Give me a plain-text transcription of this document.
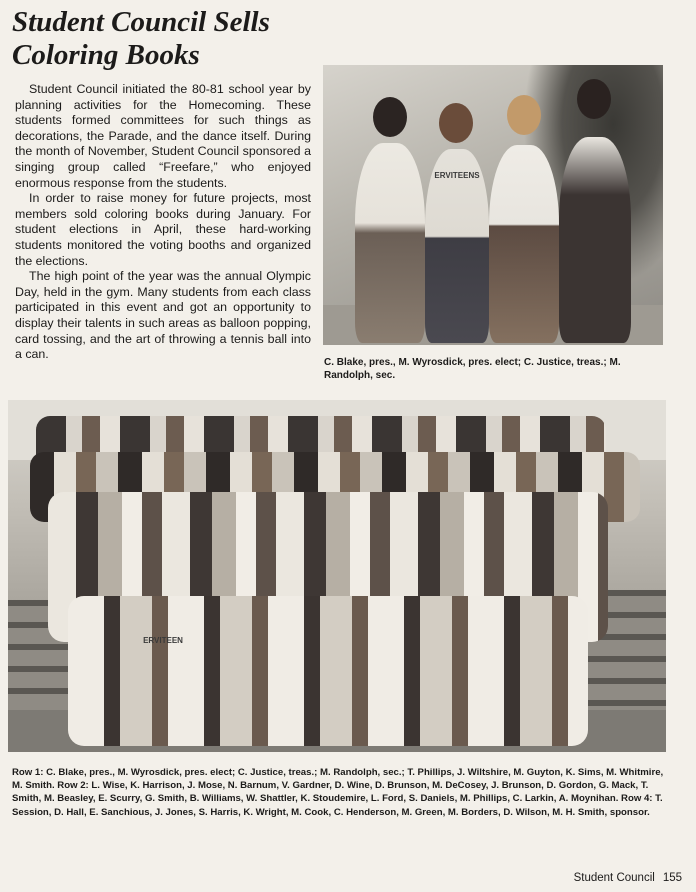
Student Council Sells Coloring Books

Student Council initiated the 80-81 school year by planning activities for the Homecoming. These students formed committees for such things as decorations, the Parade, and the dance itself. During the month of November, Student Council sponsored a singing group called “Freefare,” who enjoyed enormous response from the students.

In order to raise money for future projects, most members sold coloring books during January. For student elections in April, these hard-working students monitored the voting booths and organized the elections.

The high point of the year was the annual Olympic Day, held in the gym. Many students from each class participated in this event and got an opportunity to display their talents in such areas as balloon popping, card tossing, and the art of throwing a tennis ball into a can.

ERVITEENS

C. Blake, pres., M. Wyrosdick, pres. elect; C. Justice, treas.; M. Randolph, sec.

ERVITEEN

Row 1: C. Blake, pres., M. Wyrosdick, pres. elect; C. Justice, treas.; M. Randolph, sec.; T. Phillips, J. Wiltshire, M. Guyton, K. Sims, M. Whitmire, M. Smith. Row 2: L. Wise, K. Harrison, J. Mose, N. Barnum, V. Gardner, D. Wine, D. Brunson, M. DeCosey, J. Brunson, D. Gordon, G. Mack, T. Smith, M. Beasley, E. Scurry, G. Smith, B. Williams, W. Shattler, K. Stoudemire, L. Ford, S. Daniels, M. Phillips, C. Larkin, A. Moynihan. Row 4: T. Session, D. Hall, E. Sanchious, J. Jones, S. Harris, K. Wright, M. Cook, C. Henderson, M. Green, M. Borders, D. Wilson, M. H. Smith, sponsor.

Student Council 155
